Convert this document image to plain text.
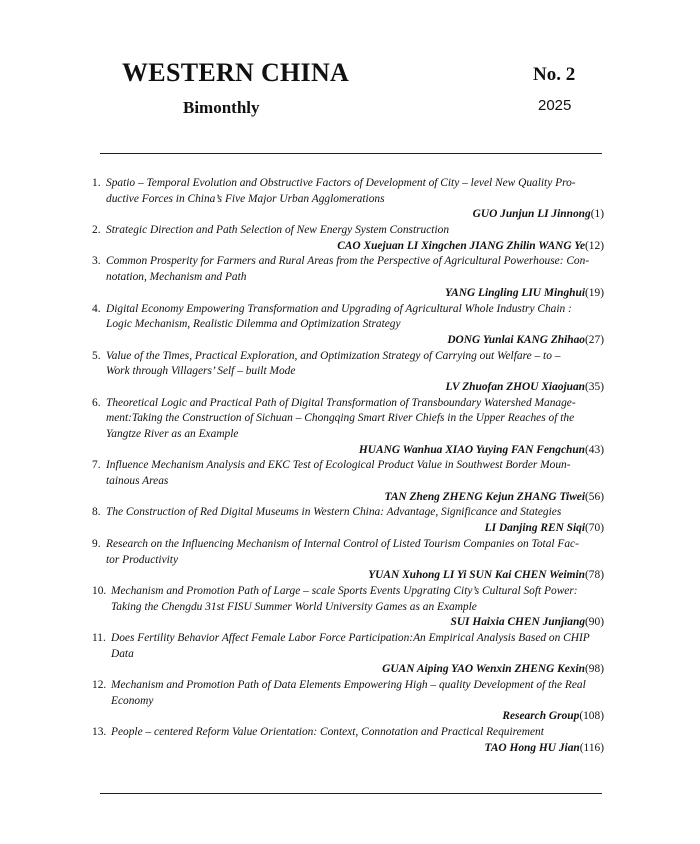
WESTERN CHINA
Bimonthly
No. 2
2025
1. Spatio – Temporal Evolution and Obstructive Factors of Development of City – level New Quality Pro-
ductive Forces in China’s Five Major Urban Agglomerations
GUO Junjun LI Jinnong(1)
2. Strategic Direction and Path Selection of New Energy System Construction
CAO Xuejuan LI Xingchen JIANG Zhilin WANG Ye(12)
3. Common Prosperity for Farmers and Rural Areas from the Perspective of Agricultural Powerhouse: Con-
notation, Mechanism and Path
YANG Lingling LIU Minghui(19)
4. Digital Economy Empowering Transformation and Upgrading of Agricultural Whole Industry Chain :
Logic Mechanism, Realistic Dilemma and Optimization Strategy
DONG Yunlai KANG Zhihao(27)
5. Value of the Times, Practical Exploration, and Optimization Strategy of Carrying out Welfare – to –
Work through Villagers’ Self – built Mode
LV Zhuofan ZHOU Xiaojuan(35)
6. Theoretical Logic and Practical Path of Digital Transformation of Transboundary Watershed Manage-
ment:Taking the Construction of Sichuan – Chongqing Smart River Chiefs in the Upper Reaches of the
Yangtze River as an Example
HUANG Wanhua XIAO Yuying FAN Fengchun(43)
7. Influence Mechanism Analysis and EKC Test of Ecological Product Value in Southwest Border Moun-
tainous Areas
TAN Zheng ZHENG Kejun ZHANG Tiwei(56)
8. The Construction of Red Digital Museums in Western China: Advantage, Significance and Stategies
LI Danjing REN Siqi(70)
9. Research on the Influencing Mechanism of Internal Control of Listed Tourism Companies on Total Fac-
tor Productivity
YUAN Xuhong LI Yi SUN Kai CHEN Weimin(78)
10. Mechanism and Promotion Path of Large – scale Sports Events Upgrating City’s Cultural Soft Power:
Taking the Chengdu 31st FISU Summer World University Games as an Example
SUI Haixia CHEN Junjiang(90)
11. Does Fertility Behavior Affect Female Labor Force Participation:An Empirical Analysis Based on CHIP
Data
GUAN Aiping YAO Wenxin ZHENG Kexin(98)
12. Mechanism and Promotion Path of Data Elements Empowering High – quality Development of the Real
Economy
Research Group(108)
13. People – centered Reform Value Orientation: Context, Connotation and Practical Requirement
TAO Hong HU Jian(116)
